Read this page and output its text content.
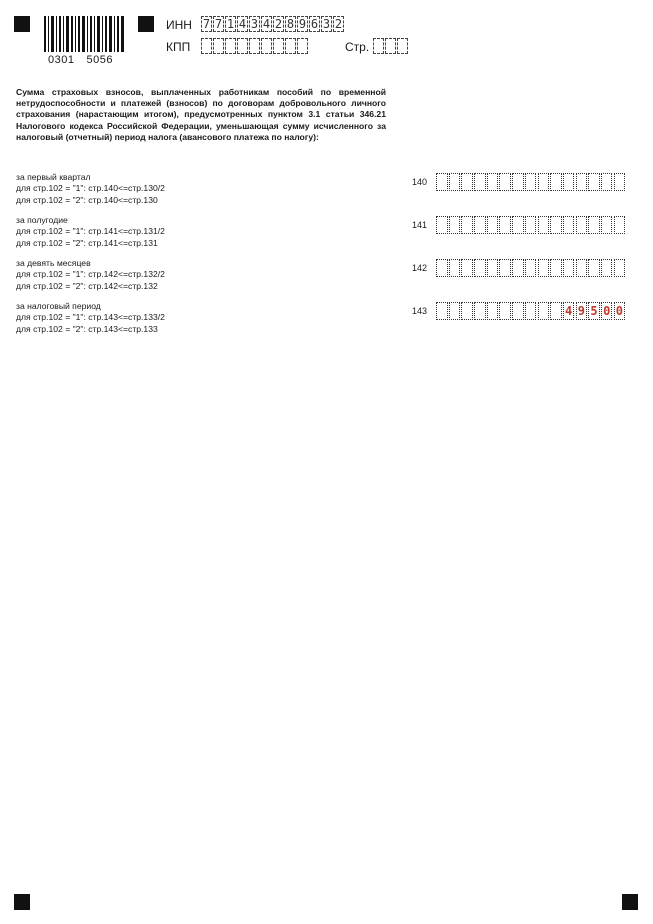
0301 5056
ИНН 7 7 1 4 3 4 2 8 9 6 3 2
КПП	Стр.
Сумма страховых взносов, выплаченных работникам пособий по временной нетрудоспособности и платежей (взносов) по договорам добровольного личного страхования (нарастающим итогом), предусмотренных пунктом 3.1 статьи 346.21 Налогового кодекса Российской Федерации, уменьшающая сумму исчисленного за налоговый (отчетный) период налога (авансового платежа по налогу):
за первый квартал
для стр.102 = "1": стр.140<=стр.130/2
для стр.102 = "2": стр.140<=стр.130
140
за полугодие
для стр.102 = "1": стр.141<=стр.131/2
для стр.102 = "2": стр.141<=стр.131
141
за девять месяцев
для стр.102 = "1": стр.142<=стр.132/2
для стр.102 = "2": стр.142<=стр.132
142
за налоговый период
для стр.102 = "1": стр.143<=стр.133/2
для стр.102 = "2": стр.143<=стр.133
143	4 9 5 0 0
